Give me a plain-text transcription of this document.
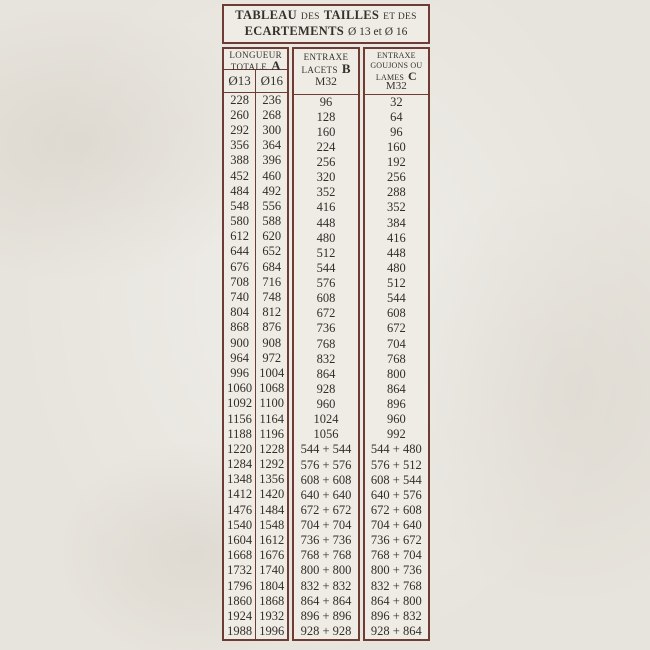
TABLEAU DES TAILLES ET DES
ECARTEMENTS Ø 13 et Ø 16
LONGUEUR
TOTALE A
Ø13 Ø16
228
260
292
356
388
452
484
548
580
612
644
676
708
740
804
868
900
964
996
1060
1092
1156
1188
1220
1284
1348
1412
1476
1540
1604
1668
1732
1796
1860
1924
1988
236
268
300
364
396
460
492
556
588
620
652
684
716
748
812
876
908
972
1004
1068
1100
1164
1196
1228
1292
1356
1420
1484
1548
1612
1676
1740
1804
1868
1932
1996
ENTRAXE
LACETS B
M32
96
128
160
224
256
320
352
416
448
480
512
544
576
608
672
736
768
832
864
928
960
1024
1056
544 + 544
576 + 576
608 + 608
640 + 640
672 + 672
704 + 704
736 + 736
768 + 768
800 + 800
832 + 832
864 + 864
896 + 896
928 + 928
ENTRAXE
GOUJONS OU
LAMES C
M32
32
64
96
160
192
256
288
352
384
416
448
480
512
544
608
672
704
768
800
864
896
960
992
544 + 480
576 + 512
608 + 544
640 + 576
672 + 608
704 + 640
736 + 672
768 + 704
800 + 736
832 + 768
864 + 800
896 + 832
928 + 864
